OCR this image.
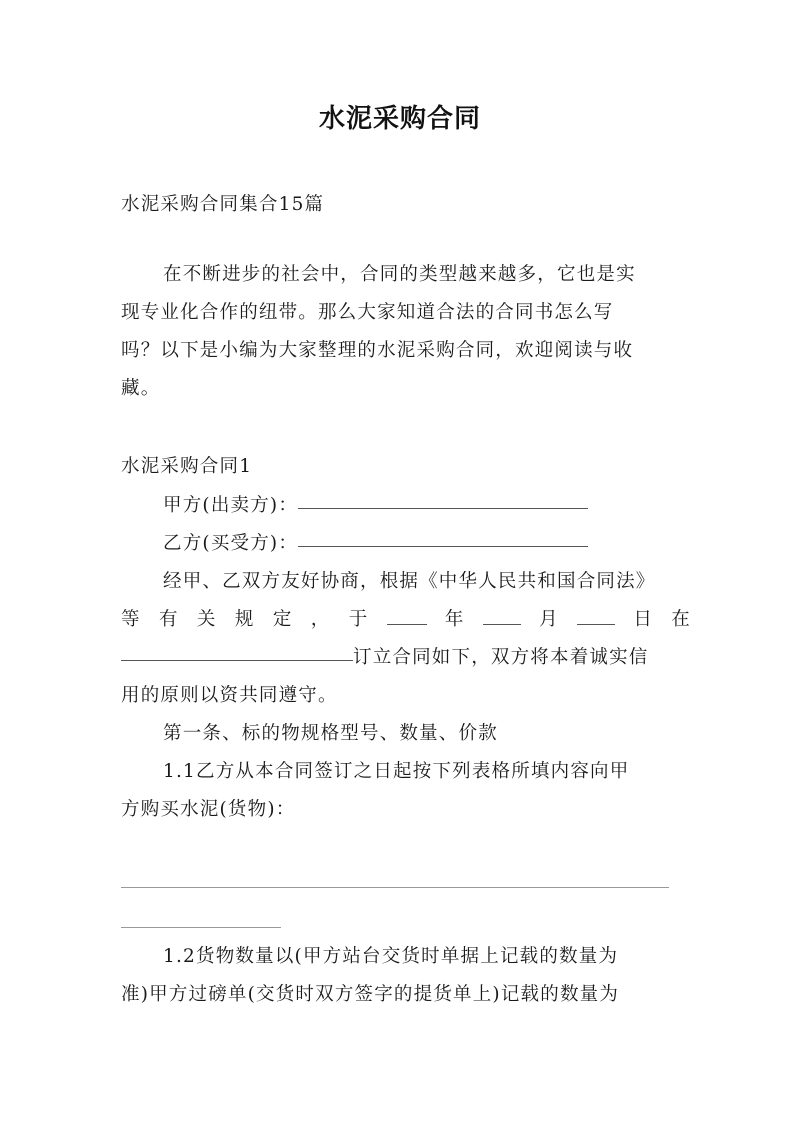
水泥采购合同
水泥采购合同集合15篇
在不断进步的社会中，合同的类型越来越多，它也是实
现专业化合作的纽带。那么大家知道合法的合同书怎么写
吗？以下是小编为大家整理的水泥采购合同，欢迎阅读与收
藏。
水泥采购合同1
甲方(出卖方)：
乙方(买受方)：
经甲、乙双方友好协商，根据《中华人民共和国合同法》
等 有 关 规 定 ， 于	年	月	日 在
订立合同如下，双方将本着诚实信
用的原则以资共同遵守。
第一条、标的物规格型号、数量、价款
1.1乙方从本合同签订之日起按下列表格所填内容向甲
方购买水泥(货物)：
1.2货物数量以(甲方站台交货时单据上记载的数量为
准)甲方过磅单(交货时双方签字的提货单上)记载的数量为
